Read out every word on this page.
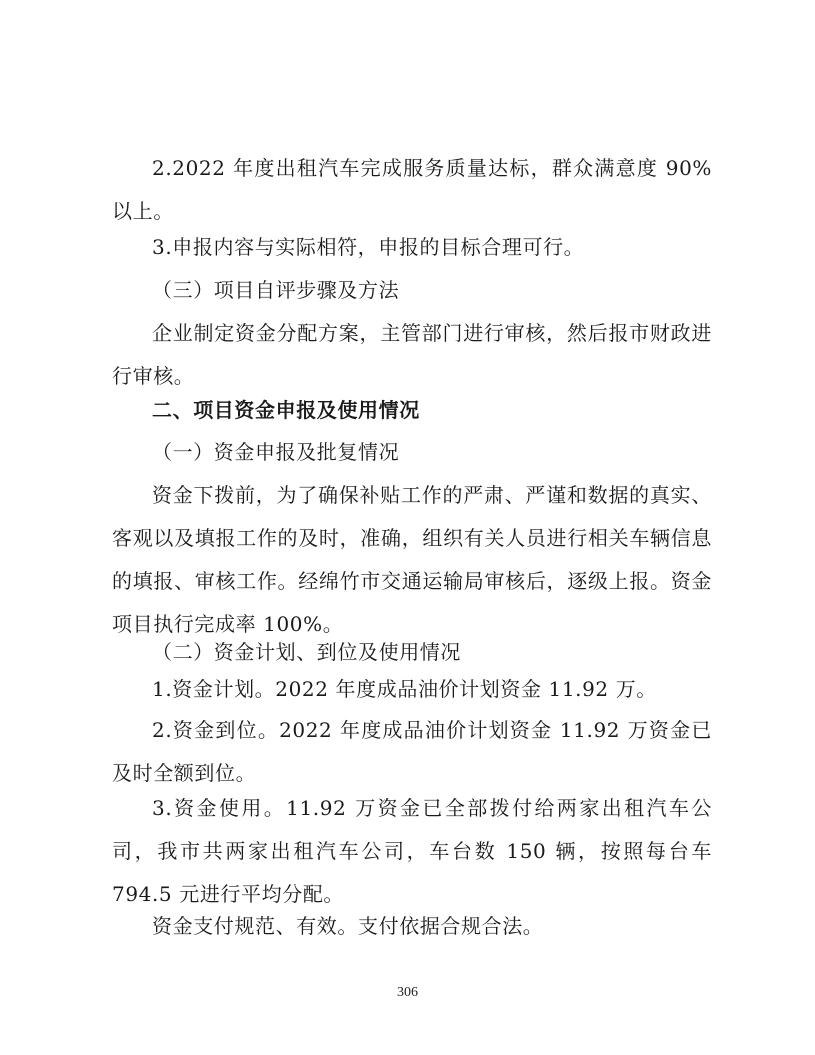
2.2022 年度出租汽车完成服务质量达标，群众满意度 90%以上。

3.申报内容与实际相符，申报的目标合理可行。

（三）项目自评步骤及方法

企业制定资金分配方案，主管部门进行审核，然后报市财政进行审核。

二、项目资金申报及使用情况

（一）资金申报及批复情况

资金下拨前，为了确保补贴工作的严肃、严谨和数据的真实、客观以及填报工作的及时，准确，组织有关人员进行相关车辆信息的填报、审核工作。经绵竹市交通运输局审核后，逐级上报。资金项目执行完成率 100%。

（二）资金计划、到位及使用情况

1.资金计划。2022 年度成品油价计划资金 11.92 万。

2.资金到位。2022 年度成品油价计划资金 11.92 万资金已及时全额到位。

3.资金使用。11.92 万资金已全部拨付给两家出租汽车公司，我市共两家出租汽车公司，车台数 150 辆，按照每台车 794.5 元进行平均分配。

资金支付规范、有效。支付依据合规合法。

306
